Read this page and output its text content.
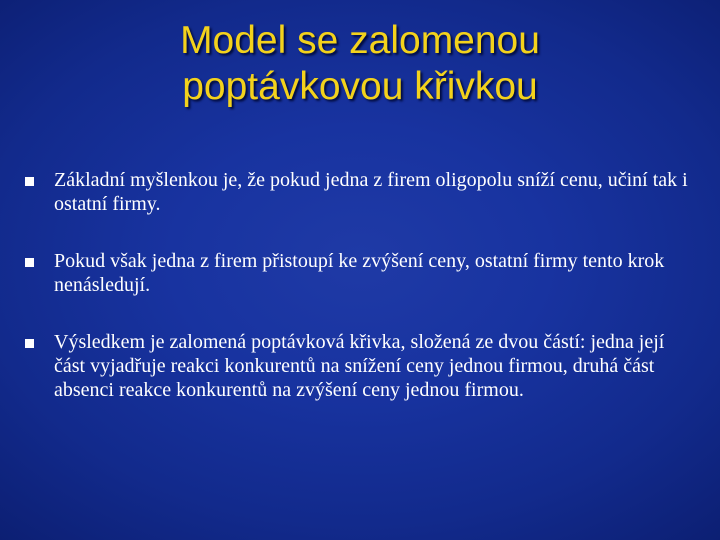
Model se zalomenou
poptávkovou křivkou
Základní myšlenkou je, že pokud jedna z firem oligopolu sníží cenu, učiní tak i ostatní firmy.
Pokud však jedna z firem přistoupí ke zvýšení ceny, ostatní firmy tento krok nenásledují.
Výsledkem je zalomená poptávková křivka, složená ze dvou částí: jedna její část vyjadřuje reakci konkurentů na snížení ceny jednou firmou, druhá část absenci reakce konkurentů na zvýšení ceny jednou firmou.
